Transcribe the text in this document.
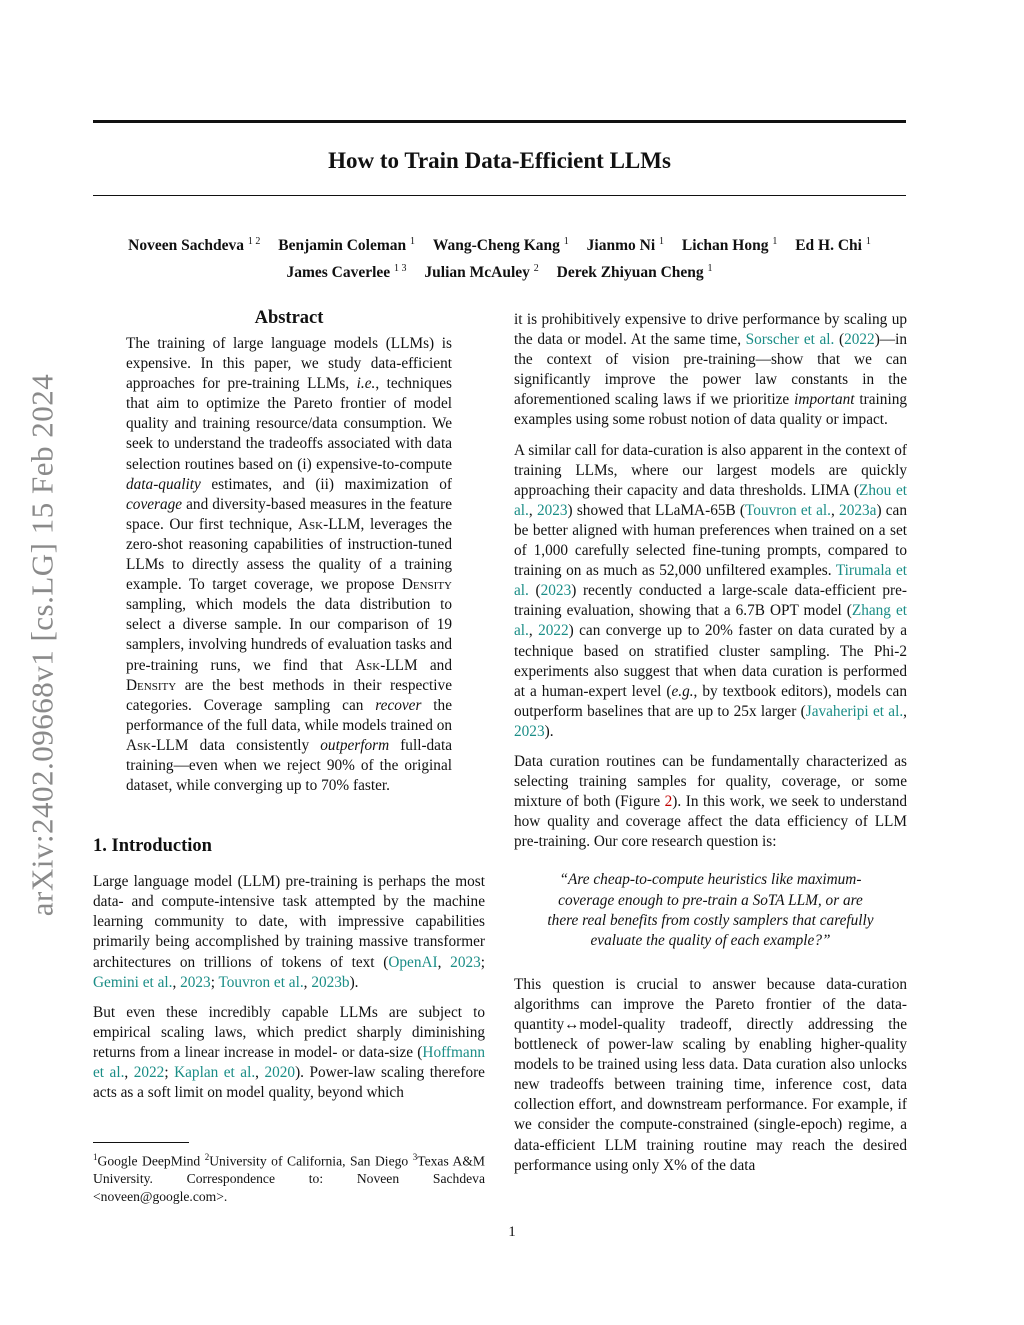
arXiv:2402.09668v1 [cs.LG] 15 Feb 2024
How to Train Data-Efficient LLMs
Noveen Sachdeva $^{1 2}$ Benjamin Coleman $^1$ Wang-Cheng Kang $^1$ Jianmo Ni $^1$ Lichan Hong $^1$ Ed H. Chi $^1$
James Caverlee $^{1 3}$ Julian McAuley $^2$ Derek Zhiyuan Cheng $^1$
Abstract

The training of large language models (LLMs) is expensive. In this paper, we study data-efficient approaches for pre-training LLMs, i.e., techniques that aim to optimize the Pareto frontier of model quality and training resource/data consumption. We seek to understand the tradeoffs associated with data selection routines based on (i) expensive-to-compute data-quality estimates, and (ii) maximization of coverage and diversity-based measures in the feature space. Our first technique, Ask-LLM, leverages the zero-shot reasoning capabilities of instruction-tuned LLMs to directly assess the quality of a training example. To target coverage, we propose Density sampling, which models the data distribution to select a diverse sample. In our comparison of 19 samplers, involving hundreds of evaluation tasks and pre-training runs, we find that Ask-LLM and Density are the best methods in their respective categories. Coverage sampling can recover the performance of the full data, while models trained on Ask-LLM data consistently outperform full-data training—even when we reject 90% of the original dataset, while converging up to 70% faster.

1. Introduction

Large language model (LLM) pre-training is perhaps the most data- and compute-intensive task attempted by the machine learning community to date, with impressive capabilities primarily being accomplished by training massive transformer architectures on trillions of tokens of text (OpenAI, 2023; Gemini et al., 2023; Touvron et al., 2023b).

But even these incredibly capable LLMs are subject to empirical scaling laws, which predict sharply diminishing returns from a linear increase in model- or data-size (Hoffmann et al., 2022; Kaplan et al., 2020). Power-law scaling therefore acts as a soft limit on model quality, beyond which

$^1$Google DeepMind $^2$University of California, San Diego $^3$Texas A&M University. Correspondence to: Noveen Sachdeva <noveen@google.com>.

it is prohibitively expensive to drive performance by scaling up the data or model. At the same time, Sorscher et al. (2022)—in the context of vision pre-training—show that we can significantly improve the power law constants in the aforementioned scaling laws if we prioritize important training examples using some robust notion of data quality or impact.

A similar call for data-curation is also apparent in the context of training LLMs, where our largest models are quickly approaching their capacity and data thresholds. LIMA (Zhou et al., 2023) showed that LLaMA-65B (Touvron et al., 2023a) can be better aligned with human preferences when trained on a set of 1,000 carefully selected fine-tuning prompts, compared to training on as much as 52,000 unfiltered examples. Tirumala et al. (2023) recently conducted a large-scale data-efficient pre-training evaluation, showing that a 6.7B OPT model (Zhang et al., 2022) can converge up to 20% faster on data curated by a technique based on stratified cluster sampling. The Phi-2 experiments also suggest that when data curation is performed at a human-expert level (e.g., by textbook editors), models can outperform baselines that are up to 25x larger (Javaheripi et al., 2023).

Data curation routines can be fundamentally characterized as selecting training samples for quality, coverage, or some mixture of both (Figure 2). In this work, we seek to understand how quality and coverage affect the data efficiency of LLM pre-training. Our core research question is:

“Are cheap-to-compute heuristics like maximum-coverage enough to pre-train a SoTA LLM, or are there real benefits from costly samplers that carefully evaluate the quality of each example?”

This question is crucial to answer because data-curation algorithms can improve the Pareto frontier of the data-quantity↔model-quality tradeoff, directly addressing the bottleneck of power-law scaling by enabling higher-quality models to be trained using less data. Data curation also unlocks new tradeoffs between training time, inference cost, data collection effort, and downstream performance. For example, if we consider the compute-constrained (single-epoch) regime, a data-efficient LLM training routine may reach the desired performance using only X% of the data

1
